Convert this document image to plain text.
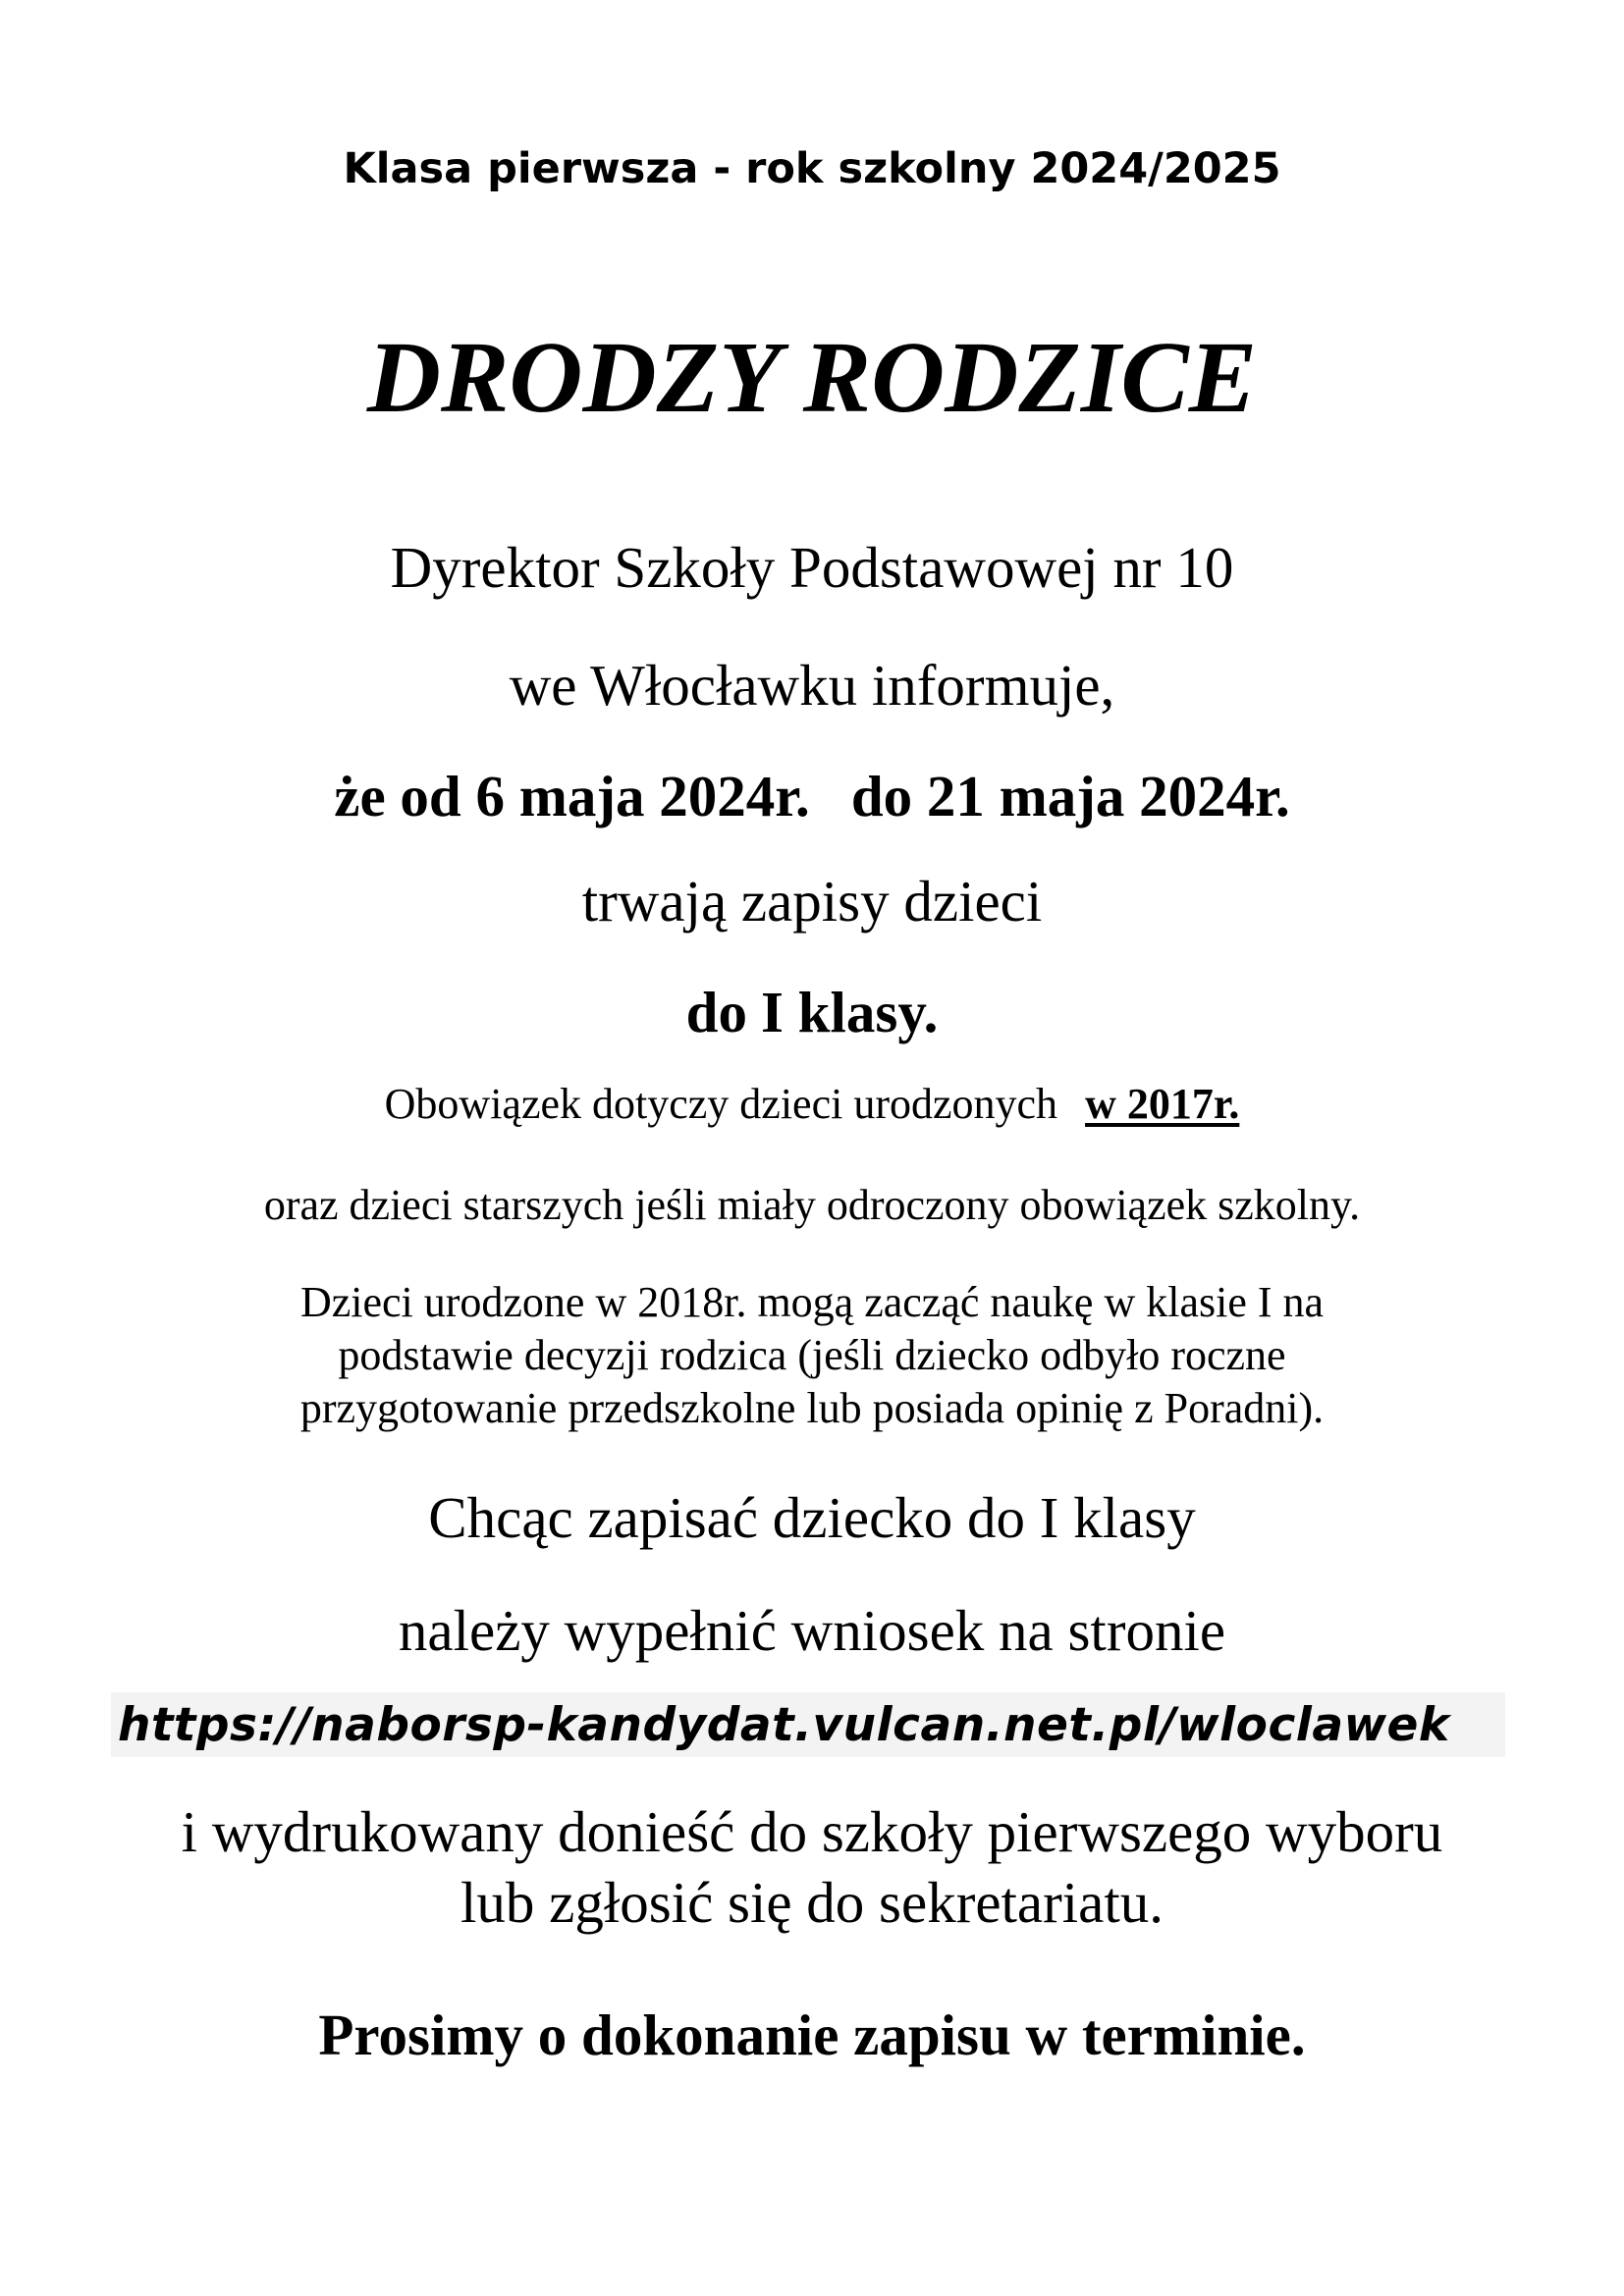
Klasa pierwsza - rok szkolny 2024/2025
DRODZY RODZICE
Dyrektor Szkoły Podstawowej nr 10
we Włocławku informuje,
że od 6 maja 2024r. do 21 maja 2024r.
trwają zapisy dzieci
do I klasy.
Obowiązek dotyczy dzieci urodzonych w 2017r.
oraz dzieci starszych jeśli miały odroczony obowiązek szkolny.
Dzieci urodzone w 2018r. mogą zacząć naukę w klasie I na
podstawie decyzji rodzica (jeśli dziecko odbyło roczne
przygotowanie przedszkolne lub posiada opinię z Poradni).
Chcąc zapisać dziecko do I klasy
należy wypełnić wniosek na stronie
https://naborsp-kandydat.vulcan.net.pl/wloclawek
i wydrukowany donieść do szkoły pierwszego wyboru
lub zgłosić się do sekretariatu.
Prosimy o dokonanie zapisu w terminie.
